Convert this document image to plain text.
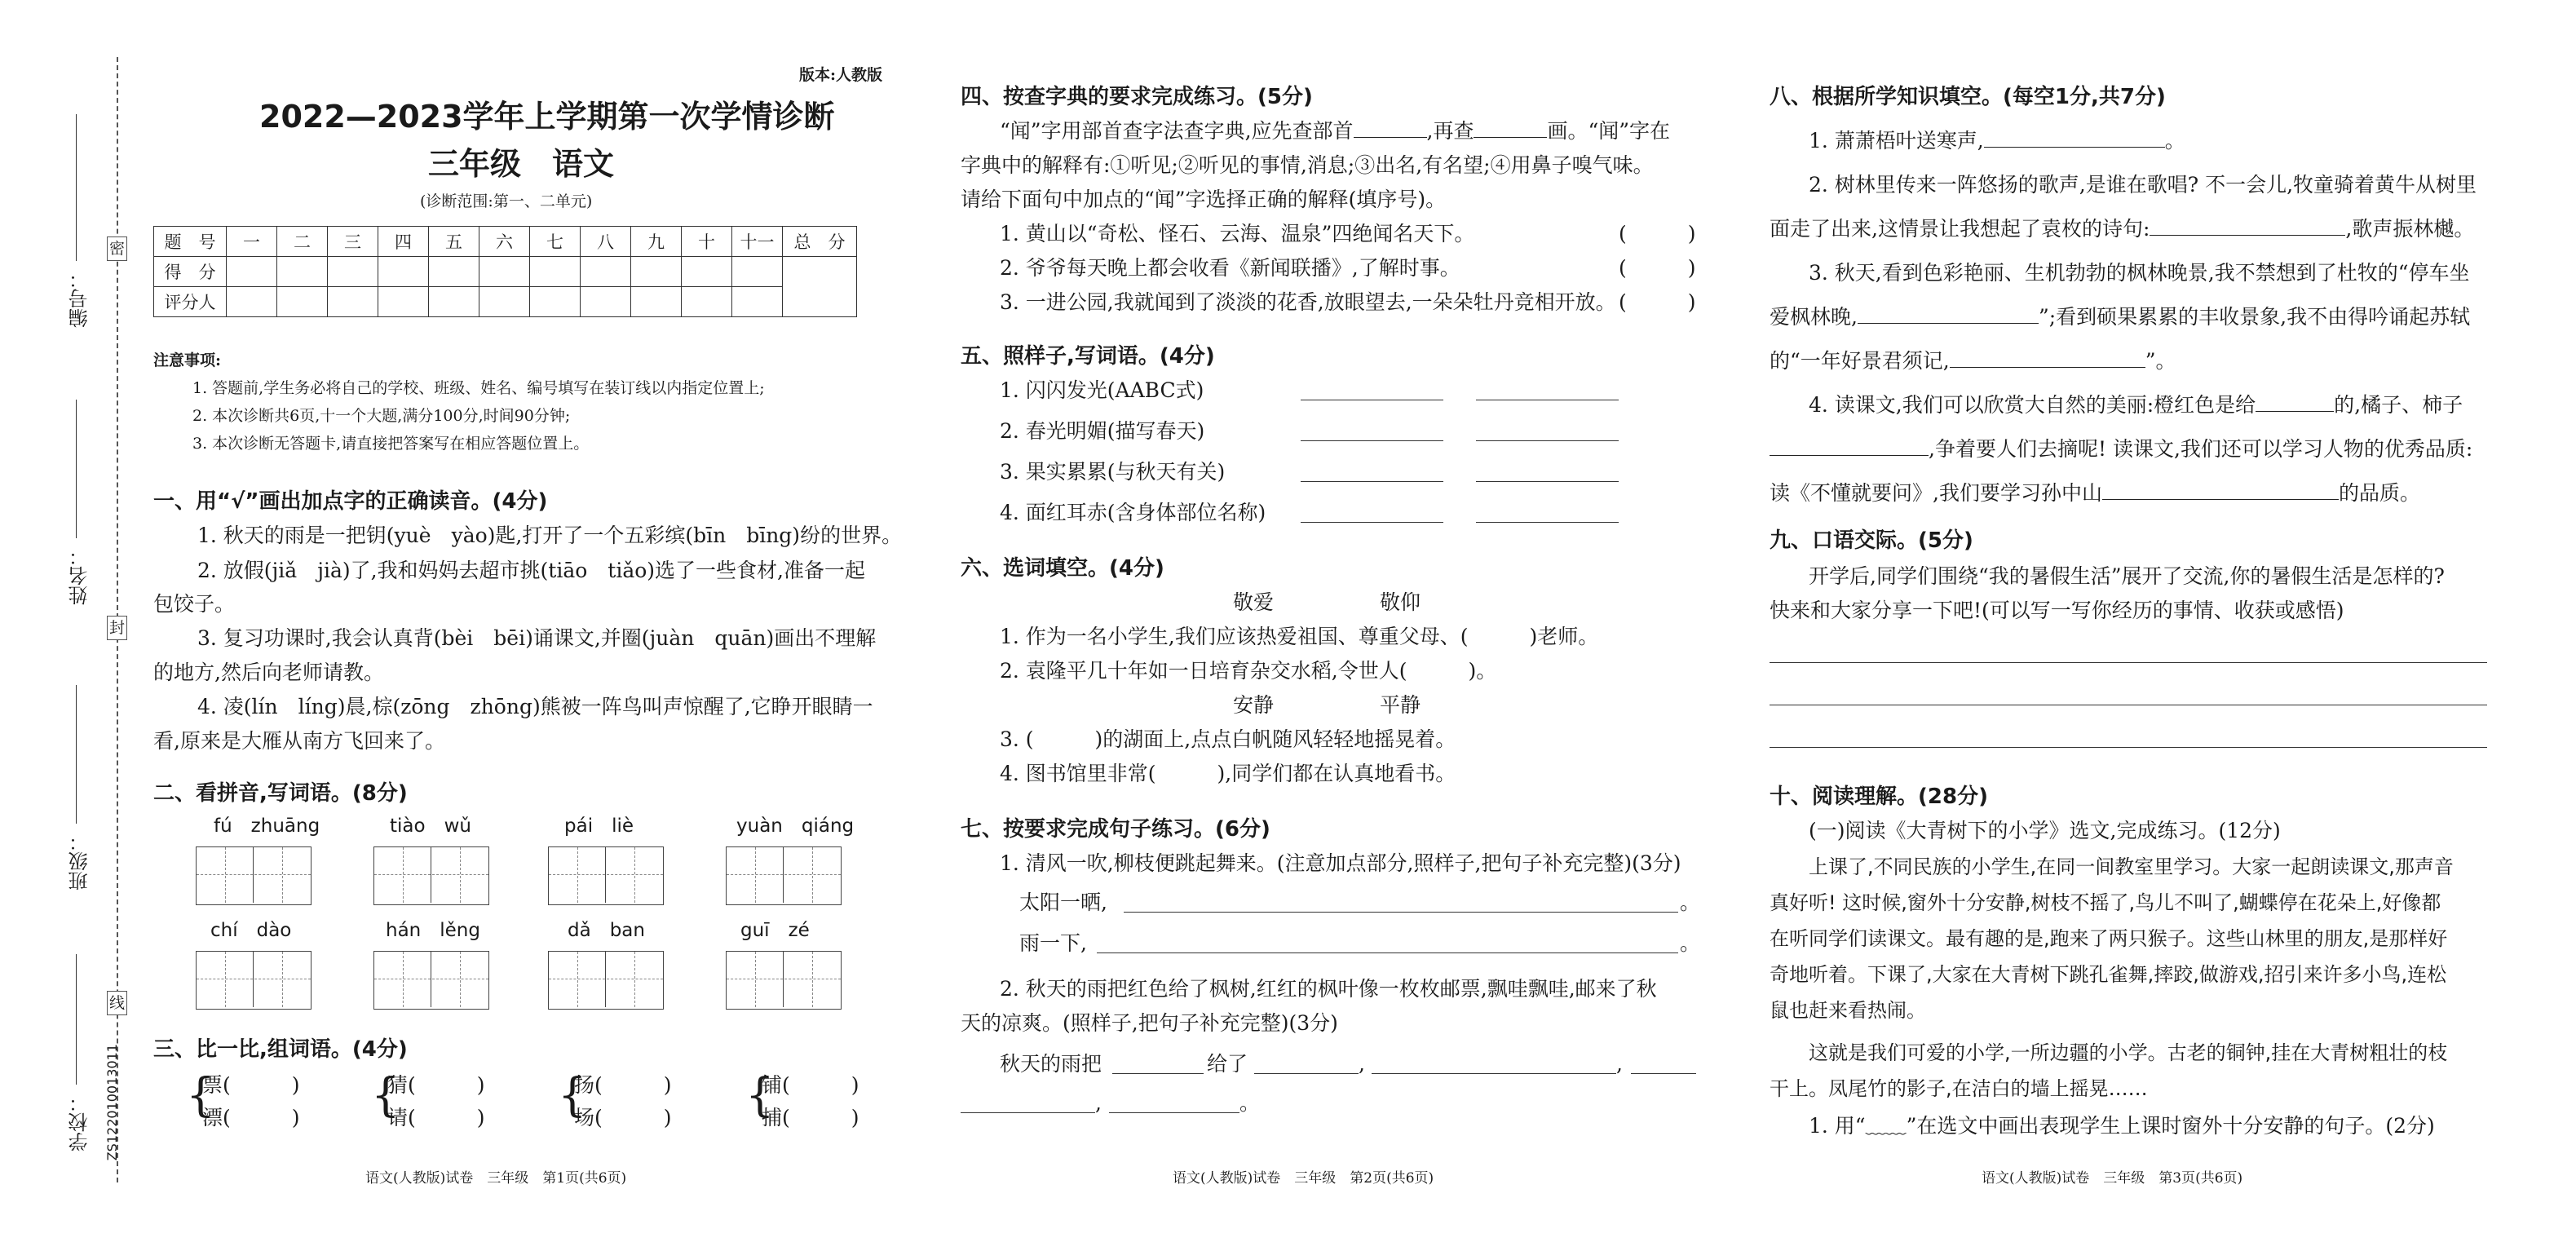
编号：
姓名：
班级：
学校：
密
封
线
ZS122010013011
版本:人教版
2022—2023学年上学期第一次学情诊断
三年级　语文
(诊断范围:第一、二单元)
题　号	一	二	三	四	五	六	七	八	九	十	十一	总　分
得　分												
评分人												
注意事项:
1. 答题前,学生务必将自己的学校、班级、姓名、编号填写在装订线以内指定位置上;
2. 本次诊断共6页,十一个大题,满分100分,时间90分钟;
3. 本次诊断无答题卡,请直接把答案写在相应答题位置上。
一、用“√”画出加点字的正确读音。(4分)
1. 秋天的雨是一把钥(yuè　yào)匙,打开了一个五彩缤(bīn　bīng)纷的世界。
2. 放假(jiǎ　jià)了,我和妈妈去超市挑(tiāo　tiǎo)选了一些食材,准备一起
包饺子。
3. 复习功课时,我会认真背(bèi　bēi)诵课文,并圈(juàn　quān)画出不理解
的地方,然后向老师请教。
4. 凌(lín　líng)晨,棕(zōng　zhōng)熊被一阵鸟叫声惊醒了,它睁开眼睛一
看,原来是大雁从南方飞回来了。
二、看拼音,写词语。(8分)
fú　zhuāng	tiào　wǔ	pái　liè	yuàn　qiáng
chí　dào	hán　lěng	dǎ　ban	guī　zé
三、比一比,组词语。(4分)
{
票(　　　)
漂(　　　) {
猜(　　　)
请(　　　) {
扬(　　　)
场(　　　) {
铺(　　　)
捕(　　　)
语文(人教版)试卷　三年级　第1页(共6页)
四、按查字典的要求完成练习。(5分)
“闻”字用部首查字法查字典,应先查部首	,再查	画。“闻”字在
字典中的解释有:①听见;②听见的事情,消息;③出名,有名望;④用鼻子嗅气味。
请给下面句中加点的“闻”字选择正确的解释(填序号)。
1. 黄山以“奇松、怪石、云海、温泉”四绝闻名天下。
2. 爷爷每天晚上都会收看《新闻联播》,了解时事。
3. 一进公园,我就闻到了淡淡的花香,放眼望去,一朵朵牡丹竞相开放。
(　　　)
(　　　)
(　　　)
五、照样子,写词语。(4分)
1. 闪闪发光(AABC式)
2. 春光明媚(描写春天)
3. 果实累累(与秋天有关)
4. 面红耳赤(含身体部位名称)
六、选词填空。(4分)
敬爱	敬仰
1. 作为一名小学生,我们应该热爱祖国、尊重父母、(　　　)老师。
2. 袁隆平几十年如一日培育杂交水稻,令世人(　　　)。
安静	平静
3. (　　　)的湖面上,点点白帆随风轻轻地摇晃着。
4. 图书馆里非常(　　　),同学们都在认真地看书。
七、按要求完成句子练习。(6分)
1. 清风一吹,柳枝便跳起舞来。(注意加点部分,照样子,把句子补充完整)(3分)
太阳一晒,	。
雨一下,	。
2. 秋天的雨把红色给了枫树,红红的枫叶像一枚枚邮票,飘哇飘哇,邮来了秋
天的凉爽。(照样子,把句子补充完整)(3分)
秋天的雨把	给了	,	,
,	。
语文(人教版)试卷　三年级　第2页(共6页)
八、根据所学知识填空。(每空1分,共7分)
1. 萧萧梧叶送寒声,	。
2. 树林里传来一阵悠扬的歌声,是谁在歌唱? 不一会儿,牧童骑着黄牛从树里
面走了出来,这情景让我想起了袁枚的诗句:	,歌声振林樾。
3. 秋天,看到色彩艳丽、生机勃勃的枫林晚景,我不禁想到了杜牧的“停车坐
爱枫林晚,	”;看到硕果累累的丰收景象,我不由得吟诵起苏轼
的“一年好景君须记,	”。
4. 读课文,我们可以欣赏大自然的美丽:橙红色是给	的,橘子、柿子
,争着要人们去摘呢! 读课文,我们还可以学习人物的优秀品质:
读《不懂就要问》,我们要学习孙中山	的品质。
九、口语交际。(5分)
开学后,同学们围绕“我的暑假生活”展开了交流,你的暑假生活是怎样的?
快来和大家分享一下吧!(可以写一写你经历的事情、收获或感悟)
十、阅读理解。(28分)
(一)阅读《大青树下的小学》选文,完成练习。(12分)
上课了,不同民族的小学生,在同一间教室里学习。大家一起朗读课文,那声音
真好听! 这时候,窗外十分安静,树枝不摇了,鸟儿不叫了,蝴蝶停在花朵上,好像都
在听同学们读课文。最有趣的是,跑来了两只猴子。这些山林里的朋友,是那样好
奇地听着。下课了,大家在大青树下跳孔雀舞,摔跤,做游戏,招引来许多小鸟,连松
鼠也赶来看热闹。
这就是我们可爱的小学,一所边疆的小学。古老的铜钟,挂在大青树粗壮的枝
干上。凤尾竹的影子,在洁白的墙上摇晃……
1. 用“﹏﹏”在选文中画出表现学生上课时窗外十分安静的句子。(2分)
语文(人教版)试卷　三年级　第3页(共6页)
